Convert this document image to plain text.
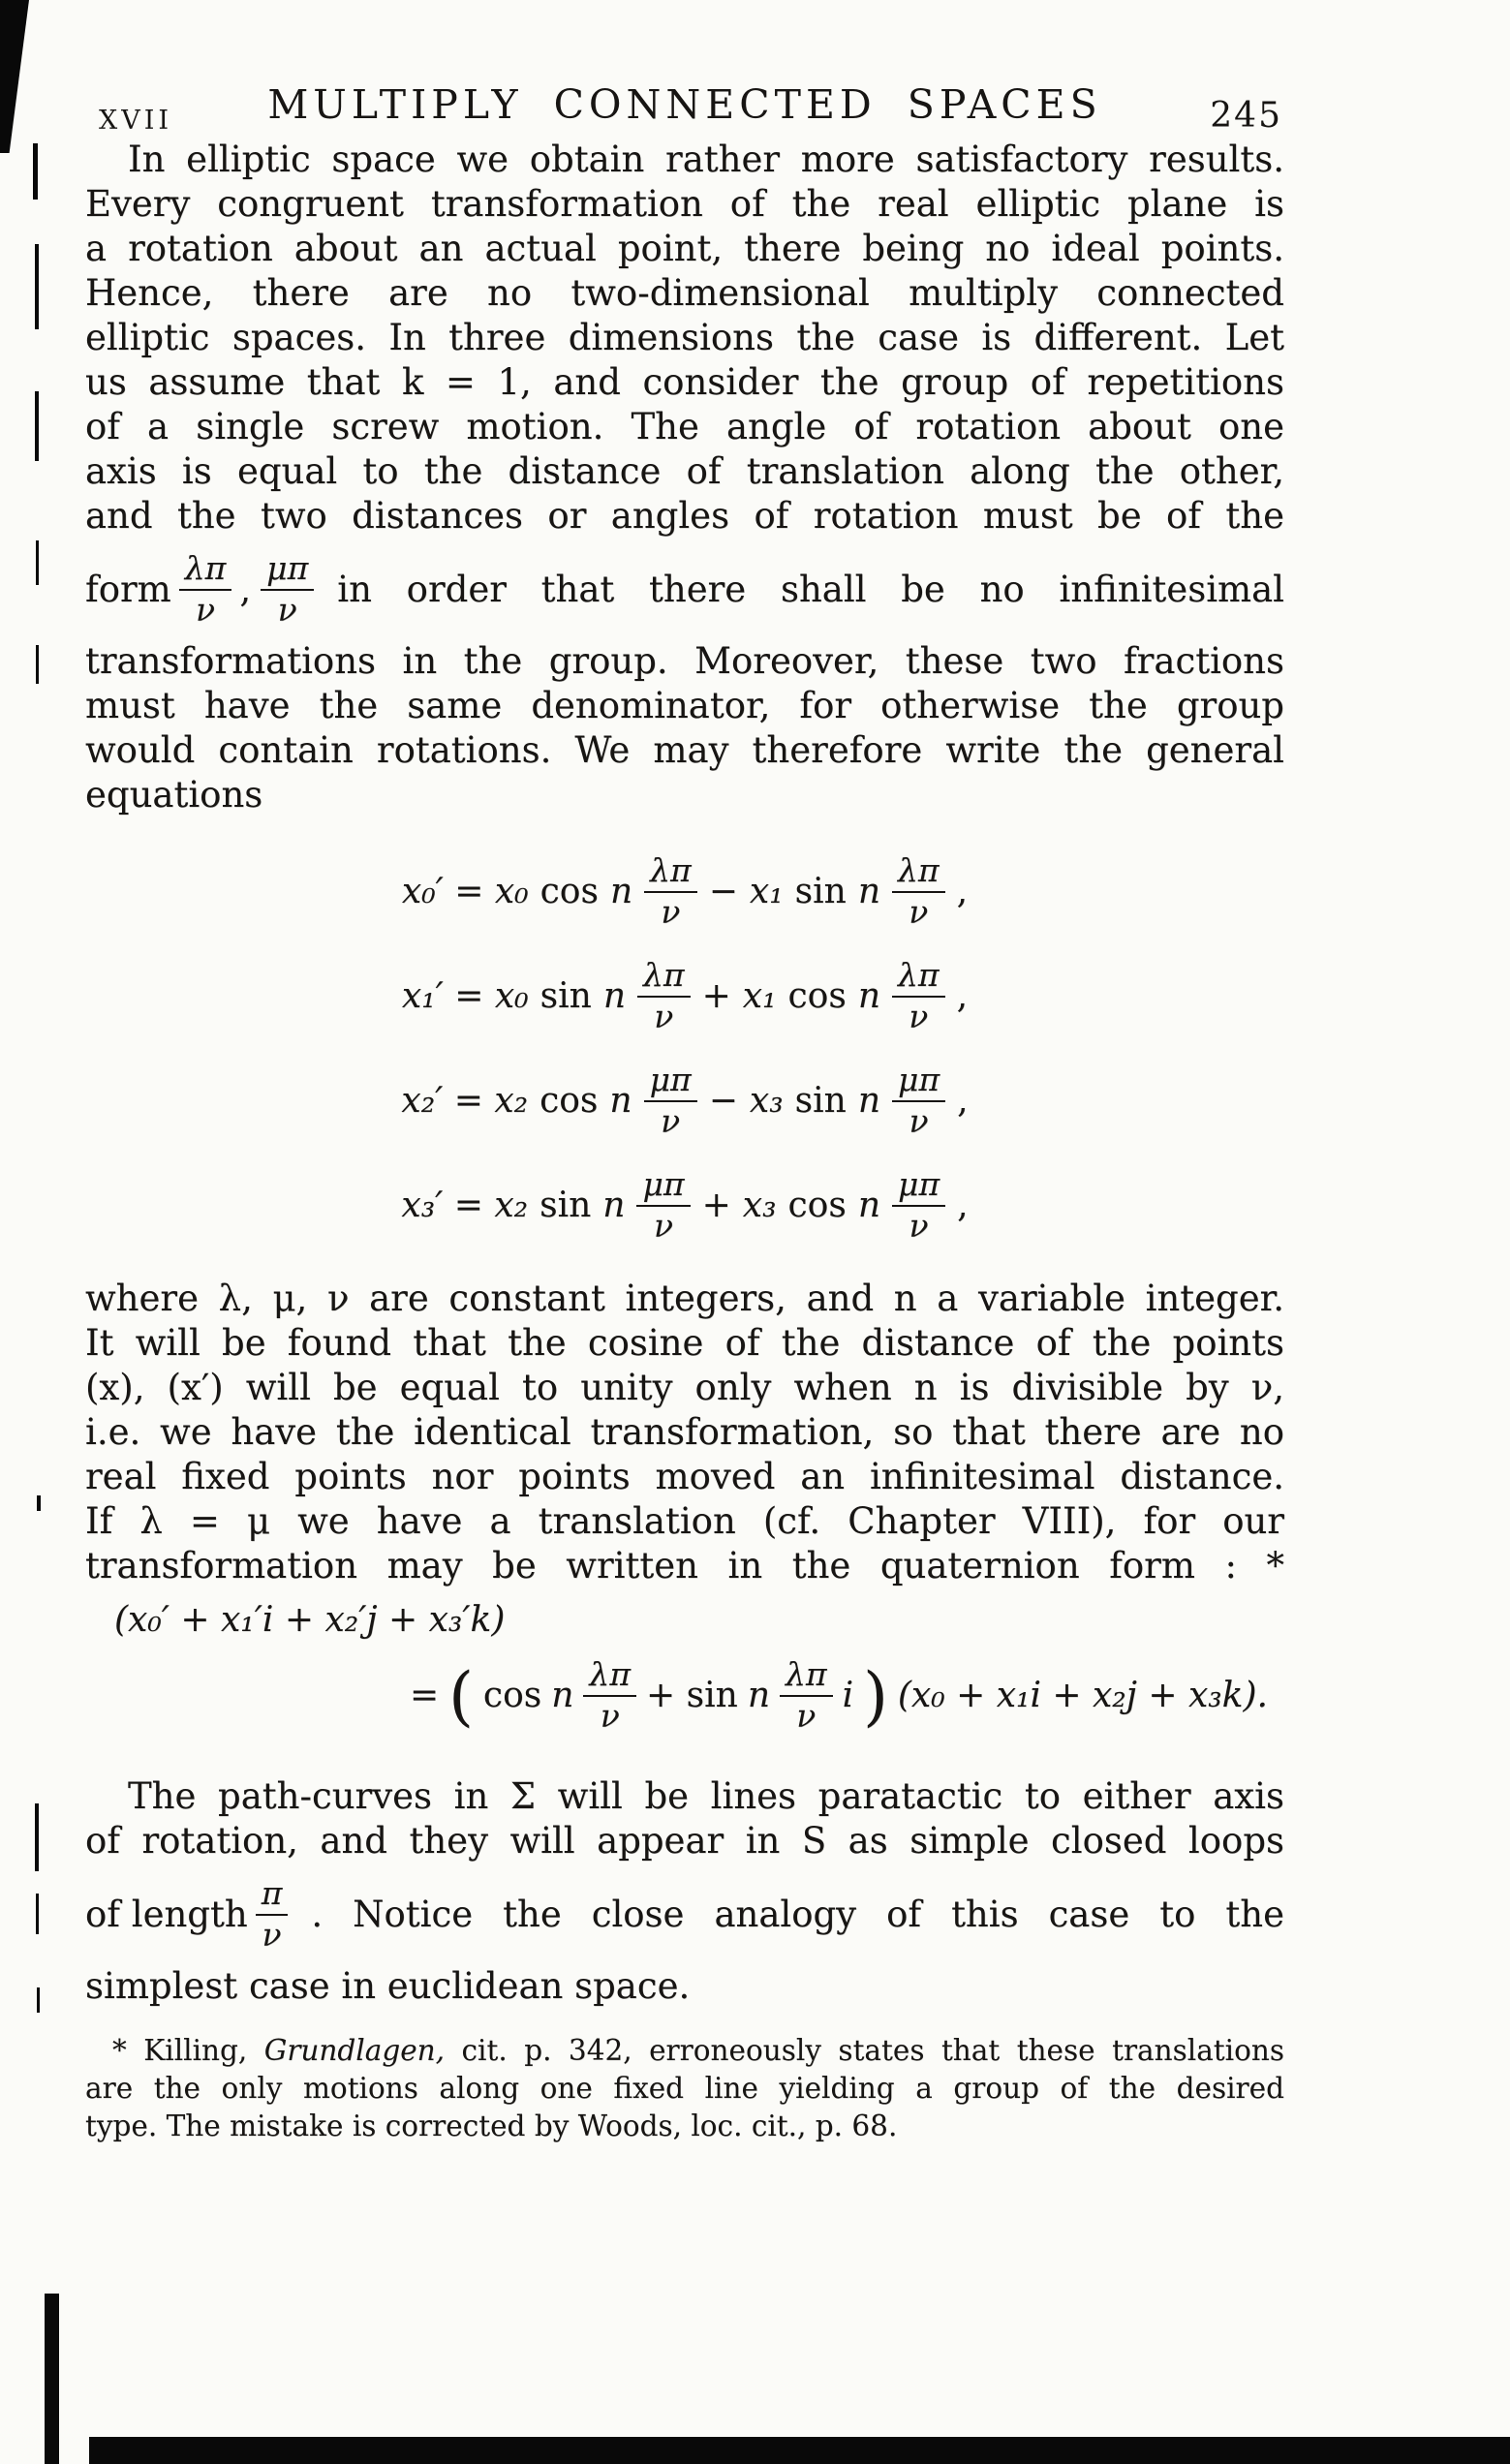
XVII	MULTIPLY CONNECTED SPACES	245
In elliptic space we obtain rather more satisfactory results.
Every congruent transformation of the real elliptic plane is
a rotation about an actual point, there being no ideal points.
Hence, there are no two-dimensional multiply connected
elliptic spaces. In three dimensions the case is different. Let
us assume that k = 1, and consider the group of repetitions
of a single screw motion. The angle of rotation about one
axis is equal to the distance of translation along the other,
and the two distances or angles of rotation must be of the
form $\frac{\lambda\pi}{\nu}$ , $\frac{\mu\pi}{\nu}$ in order that there shall be no infinitesimal
transformations in the group. Moreover, these two fractions
must have the same denominator, for otherwise the group
would contain rotations. We may therefore write the general
equations
x₀′ = x₀ cos n $\frac{\lambda\pi}{\nu} - x_1$ sin n $\frac{\lambda\pi}{\nu}$ ,
x₁′ = x₀ sin n $\frac{\lambda\pi}{\nu} + x_1$ cos n $\frac{\lambda\pi}{\nu}$ ,
x₂′ = x₂ cos n $\frac{\mu\pi}{\nu} - x_3$ sin n $\frac{\mu\pi}{\nu}$ ,
x₃′ = x₂ sin n $\frac{\mu\pi}{\nu} + x_3$ cos n $\frac{\mu\pi}{\nu}$ ,
where λ, μ, ν are constant integers, and n a variable integer.
It will be found that the cosine of the distance of the points
(x), (x′) will be equal to unity only when n is divisible by ν,
i.e. we have the identical transformation, so that there are no
real fixed points nor points moved an infinitesimal distance.
If λ = μ we have a translation (cf. Chapter VIII), for our
transformation may be written in the quaternion form : *
(x₀′ + x₁′i + x₂′j + x₃′k)
= ( cos n $\frac{\lambda\pi}{\nu} + \sin n \frac{\lambda\pi}{\nu}$ i ) (x₀ + x₁i + x₂j + x₃k).
The path-curves in Σ will be lines paratactic to either axis
of rotation, and they will appear in S as simple closed loops
of length $\frac{\pi}{\nu}$ . Notice the close analogy of this case to the
simplest case in euclidean space.
* Killing, Grundlagen, cit. p. 342, erroneously states that these translations
are the only motions along one fixed line yielding a group of the desired
type. The mistake is corrected by Woods, loc. cit., p. 68.
